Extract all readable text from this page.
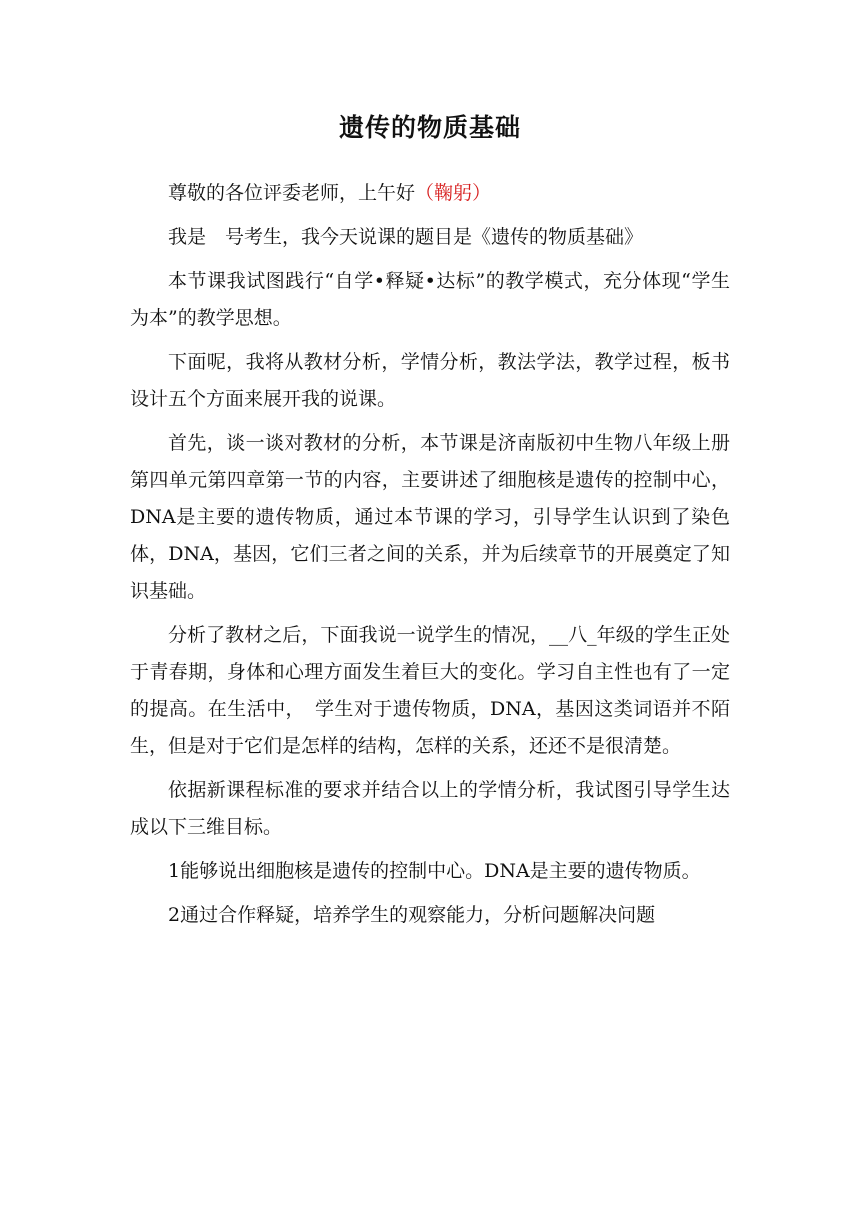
遗传的物质基础

尊敬的各位评委老师，上午好（鞠躬）

我是　号考生，我今天说课的题目是《遗传的物质基础》

本节课我试图践行“自学•释疑•达标”的教学模式，充分体现“学生为本”的教学思想。

下面呢，我将从教材分析，学情分析，教法学法，教学过程，板书设计五个方面来展开我的说课。

首先，谈一谈对教材的分析，本节课是济南版初中生物八年级上册第四单元第四章第一节的内容，主要讲述了细胞核是遗传的控制中心，DNA是主要的遗传物质，通过本节课的学习，引导学生认识到了染色体，DNA，基因，它们三者之间的关系，并为后续章节的开展奠定了知识基础。

分析了教材之后，下面我说一说学生的情况，__八_年级的学生正处于青春期，身体和心理方面发生着巨大的变化。学习自主性也有了一定的提高。在生活中，　学生对于遗传物质，DNA，基因这类词语并不陌生，但是对于它们是怎样的结构，怎样的关系，还还不是很清楚。

依据新课程标准的要求并结合以上的学情分析，我试图引导学生达成以下三维目标。

1能够说出细胞核是遗传的控制中心。DNA是主要的遗传物质。

2通过合作释疑，培养学生的观察能力，分析问题解决问题
